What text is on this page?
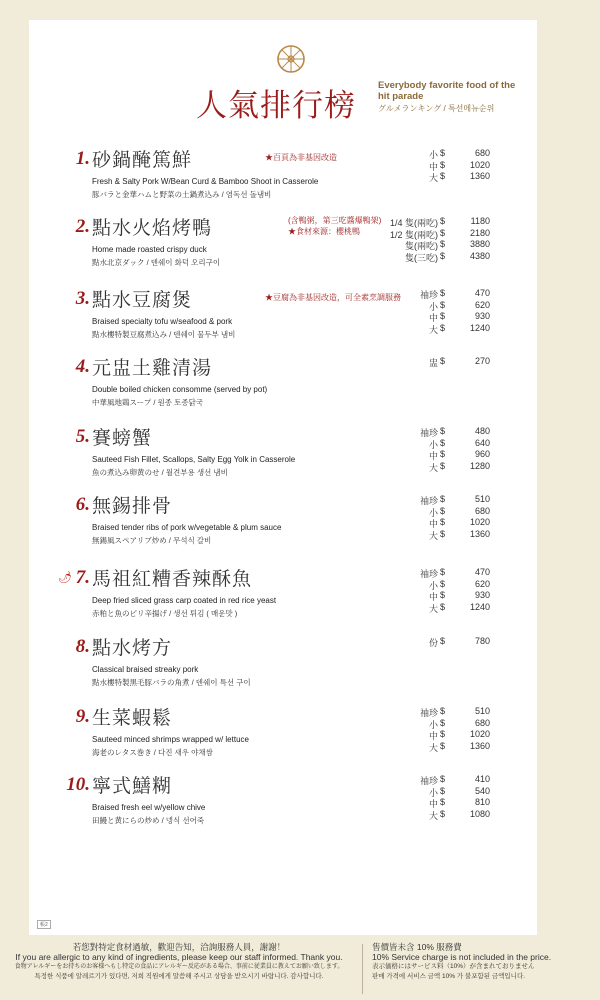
人氣排行榜
Everybody favorite food of the hit parade
グルメランキング / 특선메뉴순위
1. 砂鍋醃篤鮮	★百頁為非基因改造
Fresh & Salty Pork W/Bean Curd & Bamboo Shoot in Casserole
豚バラと金華ハムと野菜の土鍋煮込み / 염독선 돌냄비
小 $	680
中 $	1020
大 $	1360
2. 點水火焰烤鴨	(含鴨粥，第三吃醬爆鴨架)
★食材來源：櫻桃鴨
Home made roasted crispy duck
點水北京ダック / 덴쉐이 화덕 오리구이
1/4 隻(兩吃) $	1180
1/2 隻(兩吃) $	2180
隻(兩吃) $	3880
隻(三吃) $	4380
3. 點水豆腐煲	★豆腐為非基因改造，可全素烹調服務
Braised specialty tofu w/seafood & pork
點水樓特製豆腐煮込み / 덴쉐이 물두부 냄비
袖珍 $	470
小 $	620
中 $	930
大 $	1240
4. 元盅土雞清湯
Double boiled chicken consomme (served by pot)
中華風地鶏スープ / 원종 토종닭국
盅 $	270
5. 賽螃蟹
Sauteed Fish Fillet, Scallops, Salty Egg Yolk in Casserole
魚の煮込み卵黄のせ / 월견부용 생선 냄비
袖珍 $	480
小 $	640
中 $	960
大 $	1280
6. 無錫排骨
Braised tender ribs of pork w/vegetable & plum sauce
無錫風スペアリブ炒め / 무석식 갈비
袖珍 $	510
小 $	680
中 $	1020
大 $	1360
🌶 7. 馬祖紅糟香辣酥魚
Deep fried sliced grass carp coated in red rice yeast
赤粕と魚のピリ辛揚げ / 생선 튀김 ( 매운맛 )
袖珍 $	470
小 $	620
中 $	930
大 $	1240
8. 點水烤方
Classical braised streaky pork
點水樓特製黒毛豚バラの角煮 / 덴쉐이 특선 구이
份 $	780
9. 生菜蝦鬆
Sauteed minced shrimps wrapped w/ lettuce
海老のレタス巻き / 다진 새우 야채쌈
袖珍 $	510
小 $	680
中 $	1020
大 $	1360
10. 寧式鱔糊
Braised fresh eel w/yellow chive
田鰻と黄にらの炒め / 넹식 선어죽
袖珍 $	410
小 $	540
中 $	810
大 $	1080
帳2
若您對特定食材過敏，歡迎告知，洽詢服務人員，謝謝！
If you are allergic to any kind of ingredients, please keep our staff informed. Thank you.
食物アレルギーをお持ちのお客様へもし特定の食品にアレルギー反応がある場合、事前に従業員に教えてお願い致します。
특정한 식품에 알레르기가 있다면, 저희 직원에게 말씀해 주시고 상담을 받으시기 바랍니다. 감사합니다.
售價皆未含 10% 服務費
10% Service charge is not included in the price.
表示価格にはサービス料（10%）が含まれておりません
판매 가격에 서비스 금액 10% 가 불포함된 금액입니다.
